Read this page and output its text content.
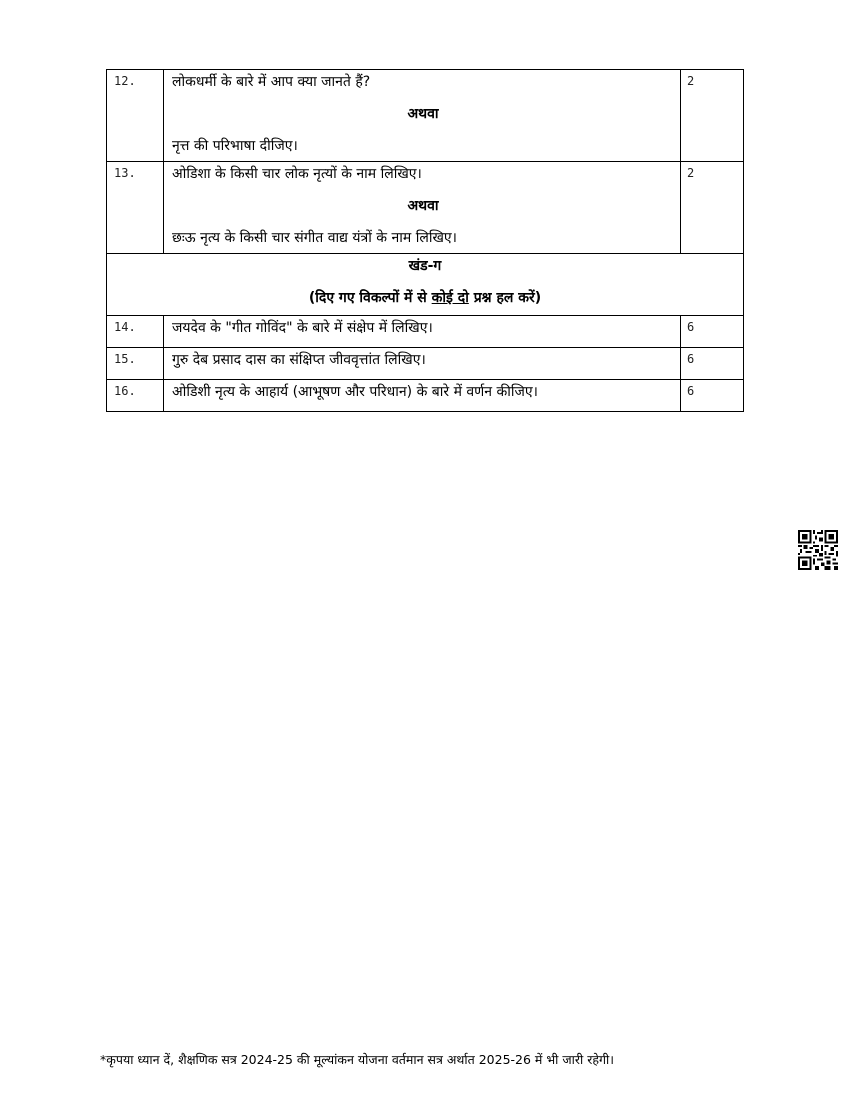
12.	लोकधर्मी के बारे में आप क्या जानते हैं?
अथवा
नृत्त की परिभाषा दीजिए।	2
13.	ओडिशा के किसी चार लोक नृत्यों के नाम लिखिए।
अथवा
छःऊ नृत्य के किसी चार संगीत वाद्य यंत्रों के नाम लिखिए।	2

खंड-ग
(दिए गए विकल्पों में से कोई दो प्रश्न हल करें)		

14.	जयदेव के "गीत गोविंद" के बारे में संक्षेप में लिखिए।	6
15.	गुरु देब प्रसाद दास का संक्षिप्त जीववृत्तांत लिखिए।	6
16.	ओडिशी नृत्य के आहार्य (आभूषण और परिधान) के बारे में वर्णन कीजिए।	6
*कृपया ध्यान दें, शैक्षणिक सत्र 2024-25 की मूल्यांकन योजना वर्तमान सत्र अर्थात 2025-26 में भी जारी रहेगी।
